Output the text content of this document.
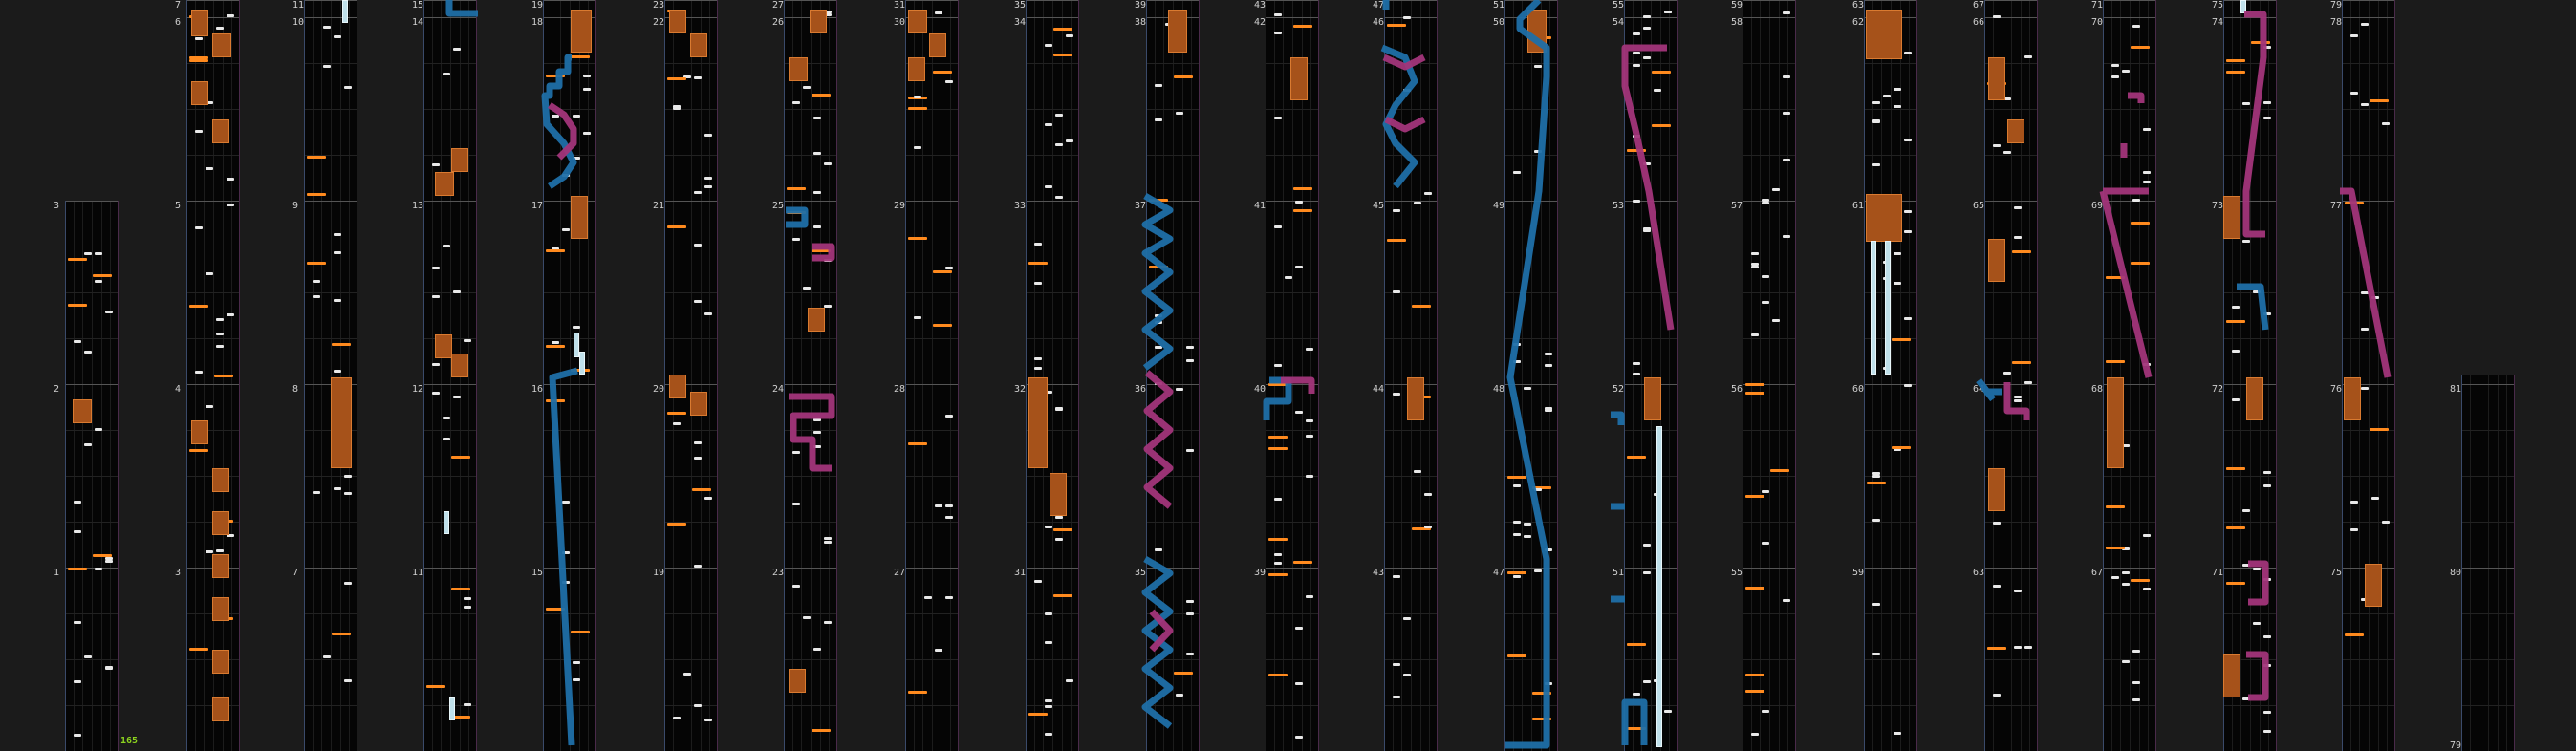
3
2
1
7
6
5
4
3
11
10
9
8
7
15
14
13
12
11
19
18
17
16
15
23
22
21
20
19
27
26
25
24
23
31
30
29
28
27
35
34
33
32
31
39
38
37
36
35
43
42
41
40
39
47
46
45
44
43
51
50
49
48
47
55
54
53
52
51
59
58
57
56
55
63
62
61
60
59
67
66
65
64
63
71
70
69
68
67
75
74
73
72
71
79
78
77
76
75
81
80
79
165
